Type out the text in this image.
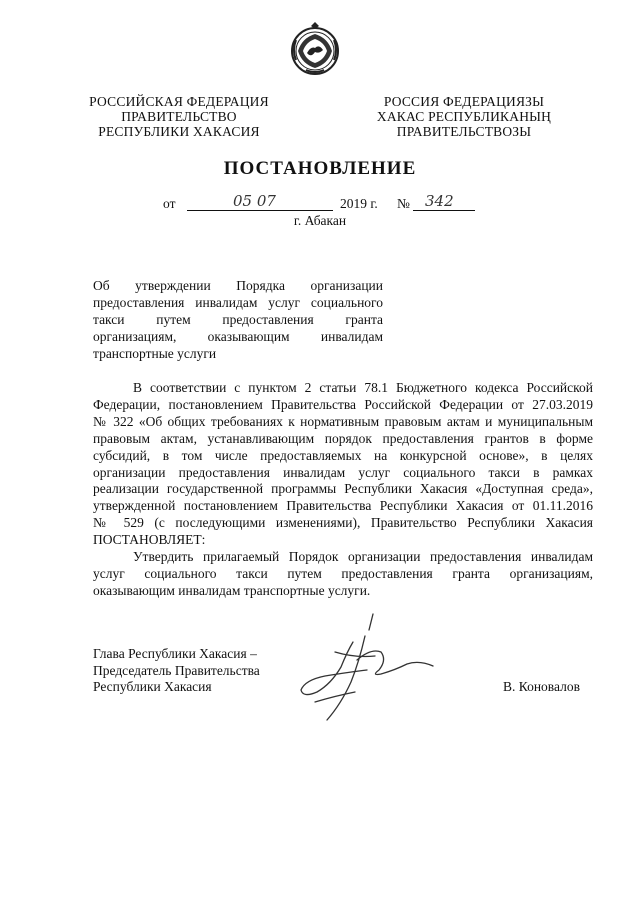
РОССИЙСКАЯ ФЕДЕРАЦИЯ
ПРАВИТЕЛЬСТВО
РЕСПУБЛИКИ ХАКАСИЯ
РОССИЯ ФЕДЕРАЦИЯЗЫ
ХАКАС РЕСПУБЛИКАНЫҢ
ПРАВИТЕЛЬСТВОЗЫ
ПОСТАНОВЛЕНИЕ
от	05 07	2019 г. № 342
г. Абакан
Об утверждении Порядка организации
предоставления инвалидам услуг социального
такси путем предоставления гранта
организациям, оказывающим инвалидам
транспортные услуги
В соответствии с пунктом 2 статьи 78.1 Бюджетного кодекса Российской
Федерации, постановлением Правительства Российской Федерации от 27.03.2019
№ 322 «Об общих требованиях к нормативным правовым актам и муниципальным
правовым актам, устанавливающим порядок предоставления грантов в форме
субсидий, в том числе предоставляемых на конкурсной основе», в целях
организации предоставления инвалидам услуг социального такси в рамках
реализации государственной программы Республики Хакасия «Доступная среда»,
утвержденной постановлением Правительства Республики Хакасия от 01.11.2016
№ 529 (с последующими изменениями), Правительство Республики Хакасия
ПОСТАНОВЛЯЕТ:
Утвердить прилагаемый Порядок организации предоставления инвалидам
услуг социального такси путем предоставления гранта организациям,
оказывающим инвалидам транспортные услуги.
Глава Республики Хакасия –
Председатель Правительства
Республики Хакасия	В. Коновалов
